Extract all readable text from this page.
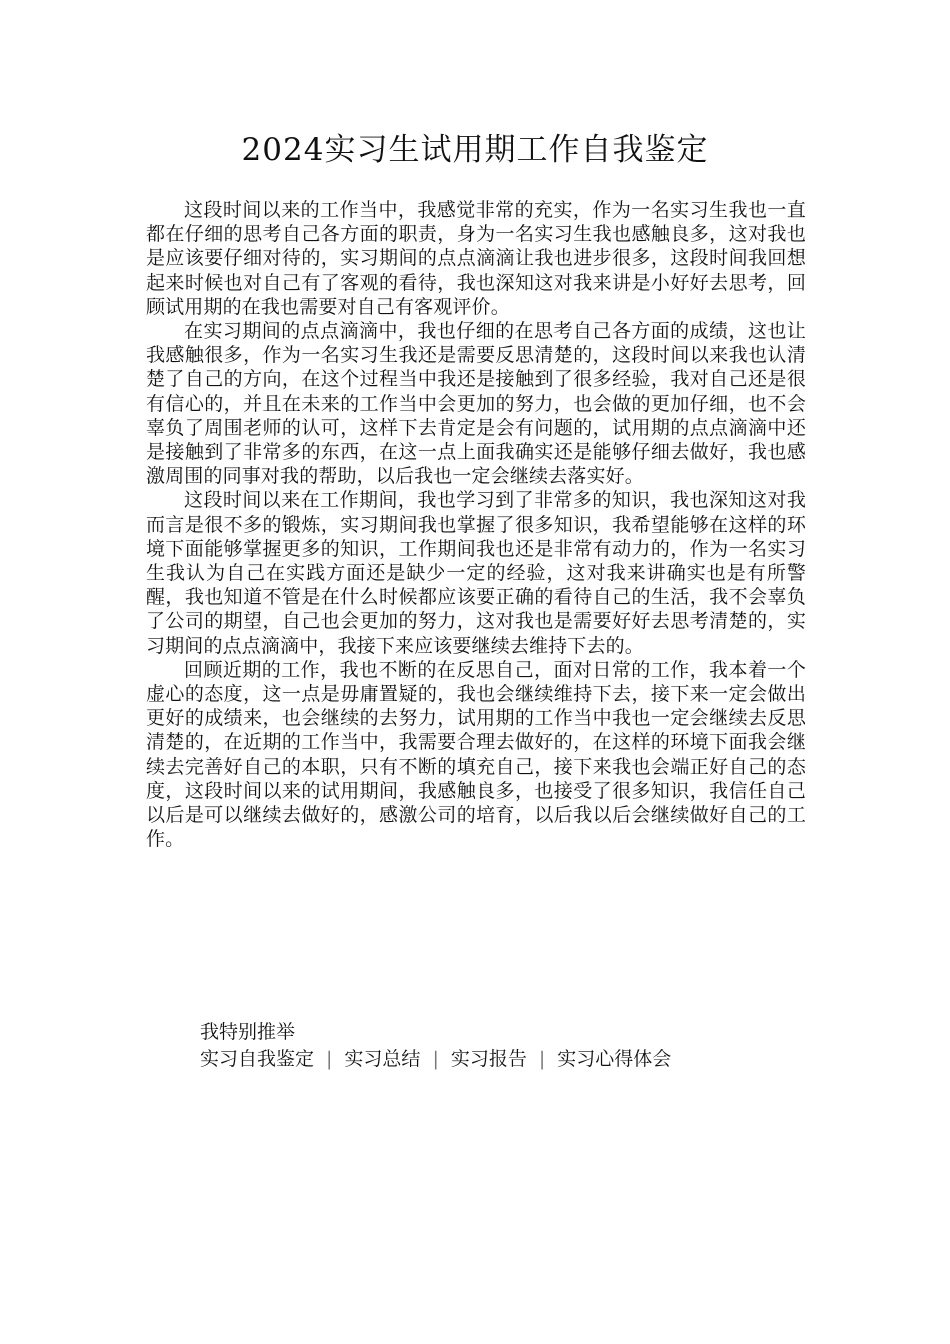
2024实习生试用期工作自我鉴定

这段时间以来的工作当中，我感觉非常的充实，作为一名实习生我也一直都在仔细的思考自己各方面的职责，身为一名实习生我也感触良多，这对我也是应该要仔细对待的，实习期间的点点滴滴让我也进步很多，这段时间我回想起来时候也对自己有了客观的看待，我也深知这对我来讲是小好好去思考，回顾试用期的在我也需要对自己有客观评价。

在实习期间的点点滴滴中，我也仔细的在思考自己各方面的成绩，这也让我感触很多，作为一名实习生我还是需要反思清楚的，这段时间以来我也认清楚了自己的方向，在这个过程当中我还是接触到了很多经验，我对自己还是很有信心的，并且在未来的工作当中会更加的努力，也会做的更加仔细，也不会辜负了周围老师的认可，这样下去肯定是会有问题的，试用期的点点滴滴中还是接触到了非常多的东西，在这一点上面我确实还是能够仔细去做好，我也感激周围的同事对我的帮助，以后我也一定会继续去落实好。

这段时间以来在工作期间，我也学习到了非常多的知识，我也深知这对我而言是很不多的锻炼，实习期间我也掌握了很多知识，我希望能够在这样的环境下面能够掌握更多的知识，工作期间我也还是非常有动力的，作为一名实习生我认为自己在实践方面还是缺少一定的经验，这对我来讲确实也是有所警醒，我也知道不管是在什么时候都应该要正确的看待自己的生活，我不会辜负了公司的期望，自己也会更加的努力，这对我也是需要好好去思考清楚的，实习期间的点点滴滴中，我接下来应该要继续去维持下去的。

回顾近期的工作，我也不断的在反思自己，面对日常的工作，我本着一个虚心的态度，这一点是毋庸置疑的，我也会继续维持下去，接下来一定会做出更好的成绩来，也会继续的去努力，试用期的工作当中我也一定会继续去反思清楚的，在近期的工作当中，我需要合理去做好的，在这样的环境下面我会继续去完善好自己的本职，只有不断的填充自己，接下来我也会端正好自己的态度，这段时间以来的试用期间，我感触良多，也接受了很多知识，我信任自己以后是可以继续去做好的，感激公司的培育，以后我以后会继续做好自己的工作。

我特别推举
实习自我鉴定 | 实习总结 | 实习报告 | 实习心得体会
